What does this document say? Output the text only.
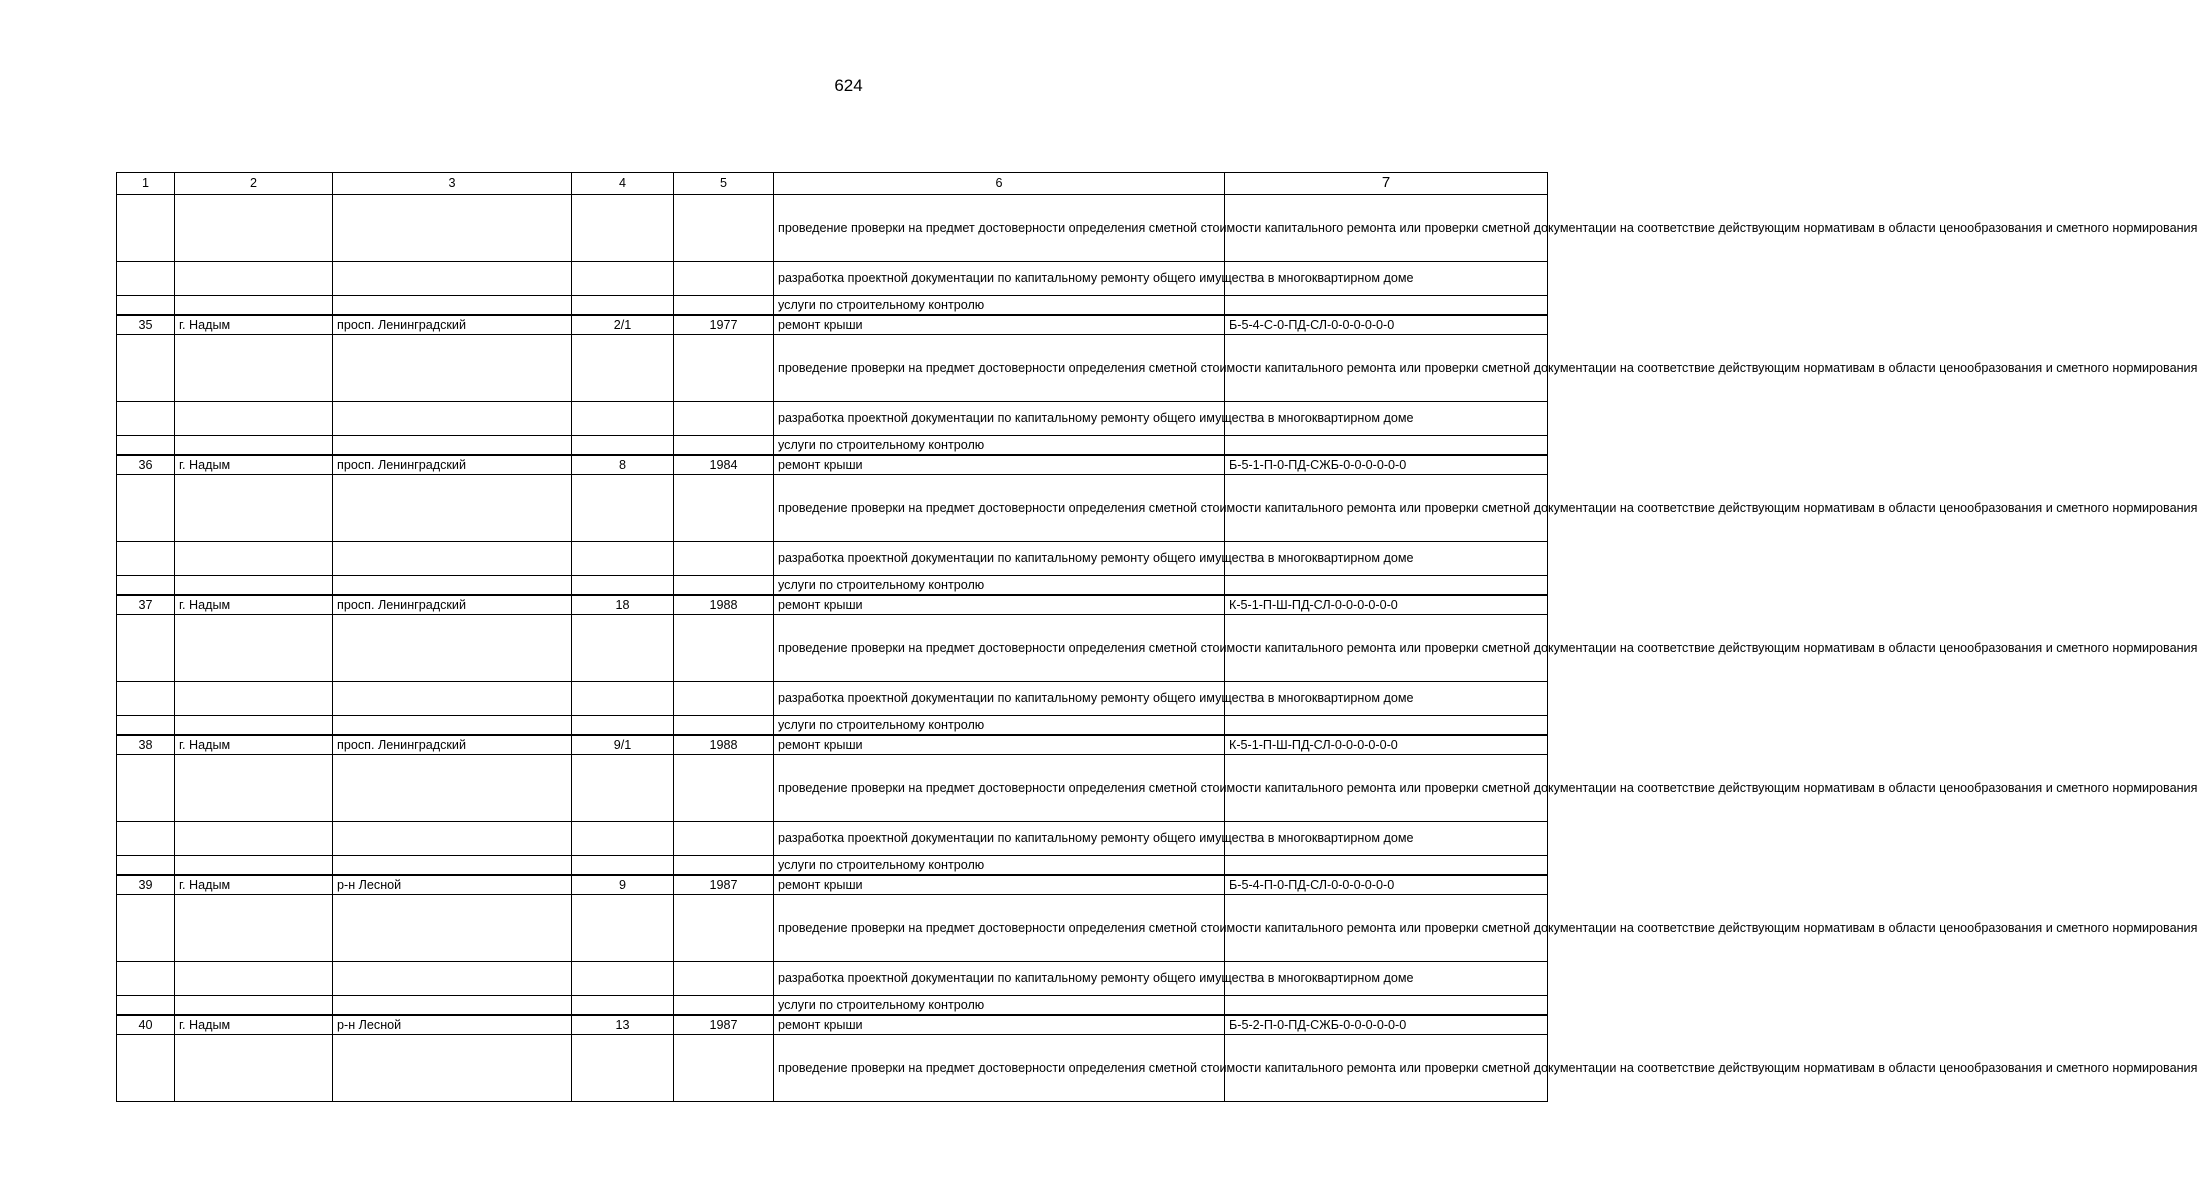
624
1	2	3	4	5	6	7
					проведение проверки на предмет достоверности определения сметной стоимости капитального ремонта или проверки сметной документации на соответствие действующим нормативам в области ценообразования и сметного нормирования	
					разработка проектной документации по капитальному ремонту общего имущества в многоквартирном доме	
					услуги по строительному контролю	
35	г. Надым	просп. Ленинградский	2/1	1977	ремонт крыши	Б-5-4-С-0-ПД-СЛ-0-0-0-0-0-0
					проведение проверки на предмет достоверности определения сметной стоимости капитального ремонта или проверки сметной документации на соответствие действующим нормативам в области ценообразования и сметного нормирования	
					разработка проектной документации по капитальному ремонту общего имущества в многоквартирном доме	
					услуги по строительному контролю	
36	г. Надым	просп. Ленинградский	8	1984	ремонт крыши	Б-5-1-П-0-ПД-СЖБ-0-0-0-0-0-0
					проведение проверки на предмет достоверности определения сметной стоимости капитального ремонта или проверки сметной документации на соответствие действующим нормативам в области ценообразования и сметного нормирования	
					разработка проектной документации по капитальному ремонту общего имущества в многоквартирном доме	
					услуги по строительному контролю	
37	г. Надым	просп. Ленинградский	18	1988	ремонт крыши	К-5-1-П-Ш-ПД-СЛ-0-0-0-0-0-0
					проведение проверки на предмет достоверности определения сметной стоимости капитального ремонта или проверки сметной документации на соответствие действующим нормативам в области ценообразования и сметного нормирования	
					разработка проектной документации по капитальному ремонту общего имущества в многоквартирном доме	
					услуги по строительному контролю	
38	г. Надым	просп. Ленинградский	9/1	1988	ремонт крыши	К-5-1-П-Ш-ПД-СЛ-0-0-0-0-0-0
					проведение проверки на предмет достоверности определения сметной стоимости капитального ремонта или проверки сметной документации на соответствие действующим нормативам в области ценообразования и сметного нормирования	
					разработка проектной документации по капитальному ремонту общего имущества в многоквартирном доме	
					услуги по строительному контролю	
39	г. Надым	р-н Лесной	9	1987	ремонт крыши	Б-5-4-П-0-ПД-СЛ-0-0-0-0-0-0
					проведение проверки на предмет достоверности определения сметной стоимости капитального ремонта или проверки сметной документации на соответствие действующим нормативам в области ценообразования и сметного нормирования	
					разработка проектной документации по капитальному ремонту общего имущества в многоквартирном доме	
					услуги по строительному контролю	
40	г. Надым	р-н Лесной	13	1987	ремонт крыши	Б-5-2-П-0-ПД-СЖБ-0-0-0-0-0-0
					проведение проверки на предмет достоверности определения сметной стоимости капитального ремонта или проверки сметной документации на соответствие действующим нормативам в области ценообразования и сметного нормирования	
